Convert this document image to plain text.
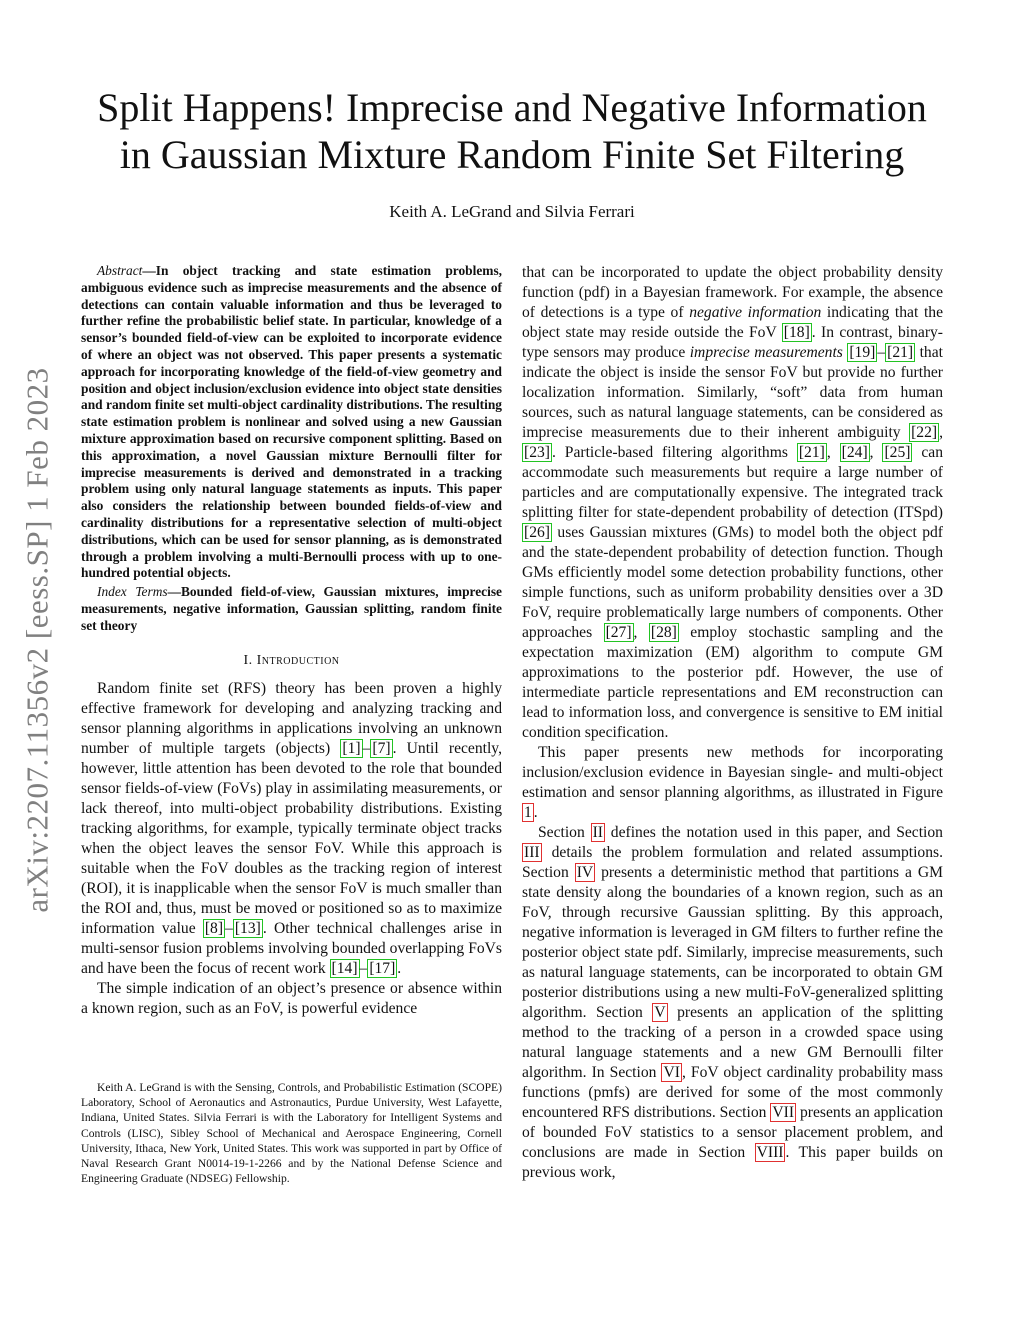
arXiv:2207.11356v2 [eess.SP] 1 Feb 2023
Split Happens! Imprecise and Negative Information
in Gaussian Mixture Random Finite Set Filtering
Keith A. LeGrand and Silvia Ferrari

Abstract—In object tracking and state estimation problems, ambiguous evidence such as imprecise measurements and the absence of detections can contain valuable information and thus be leveraged to further refine the probabilistic belief state. In particular, knowledge of a sensor’s bounded field-of-view can be exploited to incorporate evidence of where an object was not observed. This paper presents a systematic approach for incorporating knowledge of the field-of-view geometry and position and object inclusion/exclusion evidence into object state densities and random finite set multi-object cardinality distributions. The resulting state estimation problem is nonlinear and solved using a new Gaussian mixture approximation based on recursive component splitting. Based on this approximation, a novel Gaussian mixture Bernoulli filter for imprecise measurements is derived and demonstrated in a tracking problem using only natural language statements as inputs. This paper also considers the relationship between bounded fields-of-view and cardinality distributions for a representative selection of multi-object distributions, which can be used for sensor planning, as is demonstrated through a problem involving a multi-Bernoulli process with up to one-hundred potential objects.

Index Terms—Bounded field-of-view, Gaussian mixtures, imprecise measurements, negative information, Gaussian splitting, random finite set theory

I. Introduction

Random finite set (RFS) theory has been proven a highly effective framework for developing and analyzing tracking and sensor planning algorithms in applications involving an unknown number of multiple targets (objects) [1] – [7] . Until recently, however, little attention has been devoted to the role that bounded sensor fields-of-view (FoVs) play in assimilating measurements, or lack thereof, into multi-object probability distributions. Existing tracking algorithms, for example, typically terminate object tracks when the object leaves the sensor FoV. While this approach is suitable when the FoV doubles as the tracking region of interest (ROI), it is inapplicable when the sensor FoV is much smaller than the ROI and, thus, must be moved or positioned so as to maximize information value [8] – [13] . Other technical challenges arise in multi-sensor fusion problems involving bounded overlapping FoVs and have been the focus of recent work [14] – [17] .

The simple indication of an object’s presence or absence within a known region, such as an FoV, is powerful evidence

Keith A. LeGrand is with the Sensing, Controls, and Probabilistic Estimation (SCOPE) Laboratory, School of Aeronautics and Astronautics, Purdue University, West Lafayette, Indiana, United States. Silvia Ferrari is with the Laboratory for Intelligent Systems and Controls (LISC), Sibley School of Mechanical and Aerospace Engineering, Cornell University, Ithaca, New York, United States. This work was supported in part by Office of Naval Research Grant N0014-19-1-2266 and by the National Defense Science and Engineering Graduate (NDSEG) Fellowship.

that can be incorporated to update the object probability density function (pdf) in a Bayesian framework. For example, the absence of detections is a type of negative information indicating that the object state may reside outside the FoV [18] . In contrast, binary-type sensors may produce imprecise measurements [19] – [21] that indicate the object is inside the sensor FoV but provide no further localization information. Similarly, “soft” data from human sources, such as natural language statements, can be considered as imprecise measurements due to their inherent ambiguity [22] , [23] . Particle-based filtering algorithms [21] , [24] , [25] can accommodate such measurements but require a large number of particles and are computationally expensive. The integrated track splitting filter for state-dependent probability of detection (ITSpd) [26] uses Gaussian mixtures (GMs) to model both the object pdf and the state-dependent probability of detection function. Though GMs efficiently model some detection probability functions, other simple functions, such as uniform probability densities over a 3D FoV, require problematically large numbers of components. Other approaches [27] , [28] employ stochastic sampling and the expectation maximization (EM) algorithm to compute GM approximations to the posterior pdf. However, the use of intermediate particle representations and EM reconstruction can lead to information loss, and convergence is sensitive to EM initial condition specification.

This paper presents new methods for incorporating inclusion/exclusion evidence in Bayesian single- and multi-object estimation and sensor planning algorithms, as illustrated in Figure 1 .

Section II defines the notation used in this paper, and Section III details the problem formulation and related assumptions. Section IV presents a deterministic method that partitions a GM state density along the boundaries of a known region, such as an FoV, through recursive Gaussian splitting. By this approach, negative information is leveraged in GM filters to further refine the posterior object state pdf. Similarly, imprecise measurements, such as natural language statements, can be incorporated to obtain GM posterior distributions using a new multi-FoV-generalized splitting algorithm. Section V presents an application of the splitting method to the tracking of a person in a crowded space using natural language statements and a new GM Bernoulli filter algorithm. In Section VI , FoV object cardinality probability mass functions (pmfs) are derived for some of the most commonly encountered RFS distributions. Section VII presents an application of bounded FoV statistics to a sensor placement problem, and conclusions are made in Section VIII . This paper builds on previous work,
